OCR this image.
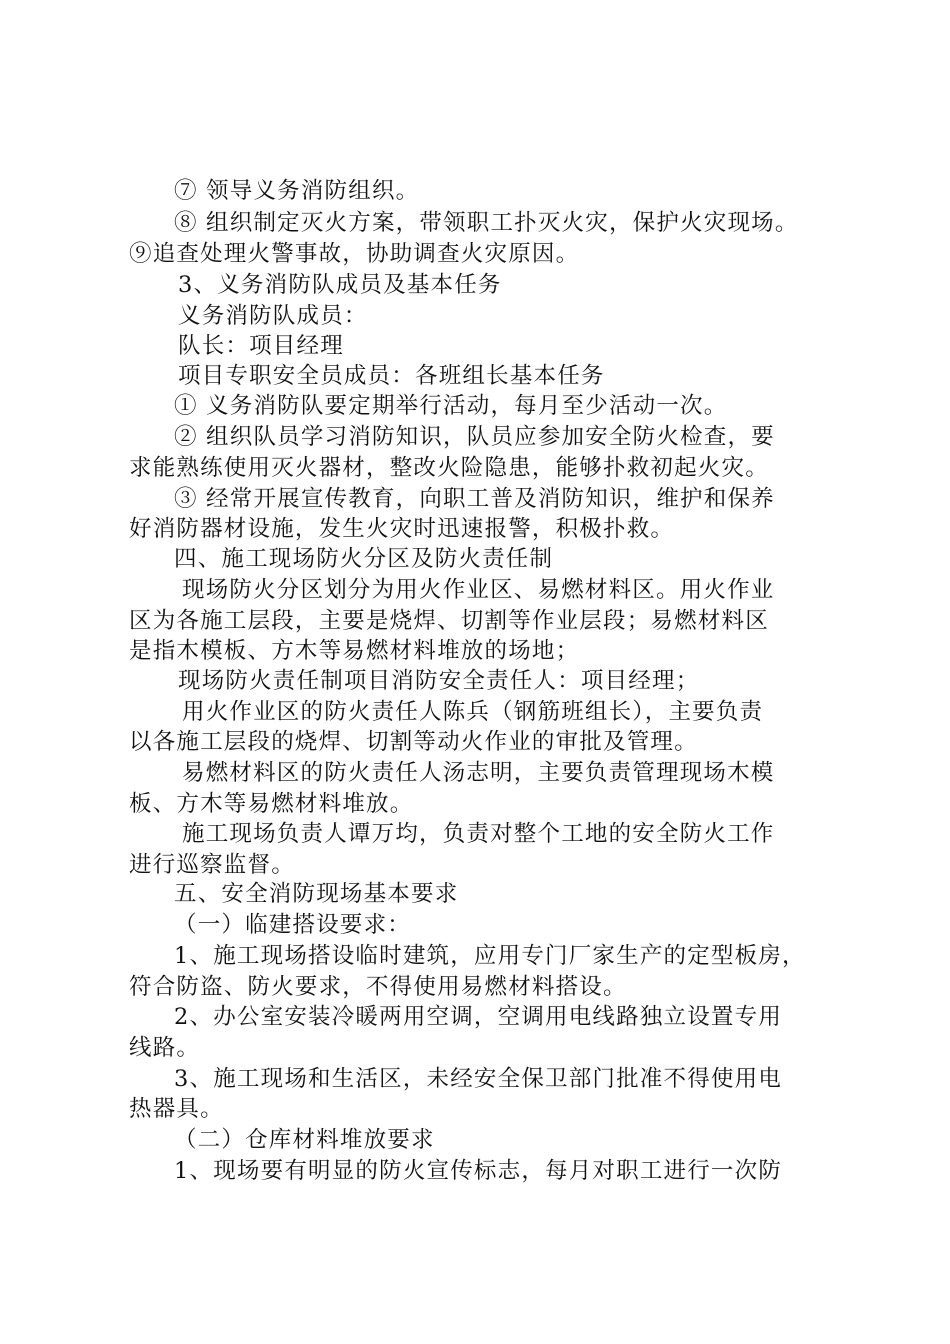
⑦ 领导义务消防组织。
⑧ 组织制定灭火方案，带领职工扑灭火灾，保护火灾现场。
⑨追查处理火警事故，协助调查火灾原因。
3、义务消防队成员及基本任务
义务消防队成员：
队长：项目经理
项目专职安全员成员：各班组长基本任务
① 义务消防队要定期举行活动，每月至少活动一次。
② 组织队员学习消防知识，队员应参加安全防火检查，要
求能熟练使用灭火器材，整改火险隐患，能够扑救初起火灾。
③ 经常开展宣传教育，向职工普及消防知识，维护和保养
好消防器材设施，发生火灾时迅速报警，积极扑救。
四、施工现场防火分区及防火责任制
现场防火分区划分为用火作业区、易燃材料区。用火作业
区为各施工层段，主要是烧焊、切割等作业层段；易燃材料区
是指木模板、方木等易燃材料堆放的场地；
现场防火责任制项目消防安全责任人：项目经理；
用火作业区的防火责任人陈兵（钢筋班组长），主要负责
以各施工层段的烧焊、切割等动火作业的审批及管理。
易燃材料区的防火责任人汤志明，主要负责管理现场木模
板、方木等易燃材料堆放。
施工现场负责人谭万均，负责对整个工地的安全防火工作
进行巡察监督。
五、安全消防现场基本要求
（一）临建搭设要求：
1、施工现场搭设临时建筑，应用专门厂家生产的定型板房，
符合防盗、防火要求，不得使用易燃材料搭设。
2、办公室安装冷暖两用空调，空调用电线路独立设置专用
线路。
3、施工现场和生活区，未经安全保卫部门批准不得使用电
热器具。
（二）仓库材料堆放要求
1、现场要有明显的防火宣传标志，每月对职工进行一次防
